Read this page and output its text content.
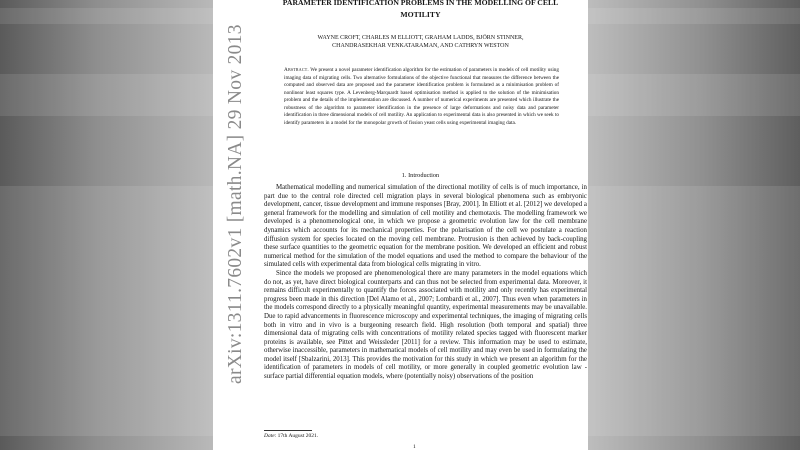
arXiv:1311.7602v1 [math.NA] 29 Nov 2013
PARAMETER IDENTIFICATION PROBLEMS IN THE MODELLING OF CELL MOTILITY
WAYNE CROFT, CHARLES M ELLIOTT, GRAHAM LADDS, BJÖRN STINNER,
CHANDRASEKHAR VENKATARAMAN, AND CATHRYN WESTON
Abstract. We present a novel parameter identification algorithm for the estimation of parameters in models of cell motility using imaging data of migrating cells. Two alternative formulations of the objective functional that measures the difference between the computed and observed data are proposed and the parameter identification problem is formulated as a minimisation problem of nonlinear least squares type. A Levenberg-Marquardt based optimisation method is applied to the solution of the minimisation problem and the details of the implementation are discussed. A number of numerical experiments are presented which illustrate the robustness of the algorithm to parameter identification in the presence of large deformations and noisy data and parameter identification in three dimensional models of cell motility. An application to experimental data is also presented in which we seek to identify parameters in a model for the monopolar growth of fission yeast cells using experimental imaging data.
1. Introduction

Mathematical modelling and numerical simulation of the directional motility of cells is of much importance, in part due to the central role directed cell migration plays in several biological phenomena such as embryonic development, cancer, tissue development and immune responses [Bray, 2001]. In Elliott et al. [2012] we developed a general framework for the modelling and simulation of cell motility and chemotaxis. The modelling framework we developed is a phenomenological one, in which we propose a geometric evolution law for the cell membrane dynamics which accounts for its mechanical properties. For the polarisation of the cell we postulate a reaction diffusion system for species located on the moving cell membrane. Protrusion is then achieved by back-coupling these surface quantities to the geometric equation for the membrane position. We developed an efficient and robust numerical method for the simulation of the model equations and used the method to compare the behaviour of the simulated cells with experimental data from biological cells migrating in vitro.

Since the models we proposed are phenomenological there are many parameters in the model equations which do not, as yet, have direct biological counterparts and can thus not be selected from experimental data. Moreover, it remains difficult experimentally to quantify the forces associated with motility and only recently has experimental progress been made in this direction [Del Alamo et al., 2007; Lombardi et al., 2007]. Thus even when parameters in the models correspond directly to a physically meaningful quantity, experimental measurements may be unavailable. Due to rapid advancements in fluorescence microscopy and experimental techniques, the imaging of migrating cells both in vitro and in vivo is a burgeoning research field. High resolution (both temporal and spatial) three dimensional data of migrating cells with concentrations of motility related species tagged with fluorescent marker proteins is available, see Pittet and Weissleder [2011] for a review. This information may be used to estimate, otherwise inaccessible, parameters in mathematical models of cell motility and may even be used in formulating the model itself [Sbalzarini, 2013]. This provides the motivation for this study in which we present an algorithm for the identification of parameters in models of cell motility, or more generally in coupled geometric evolution law - surface partial differential equation models, where (potentially noisy) observations of the position

Date: 17th August 2021.
1
